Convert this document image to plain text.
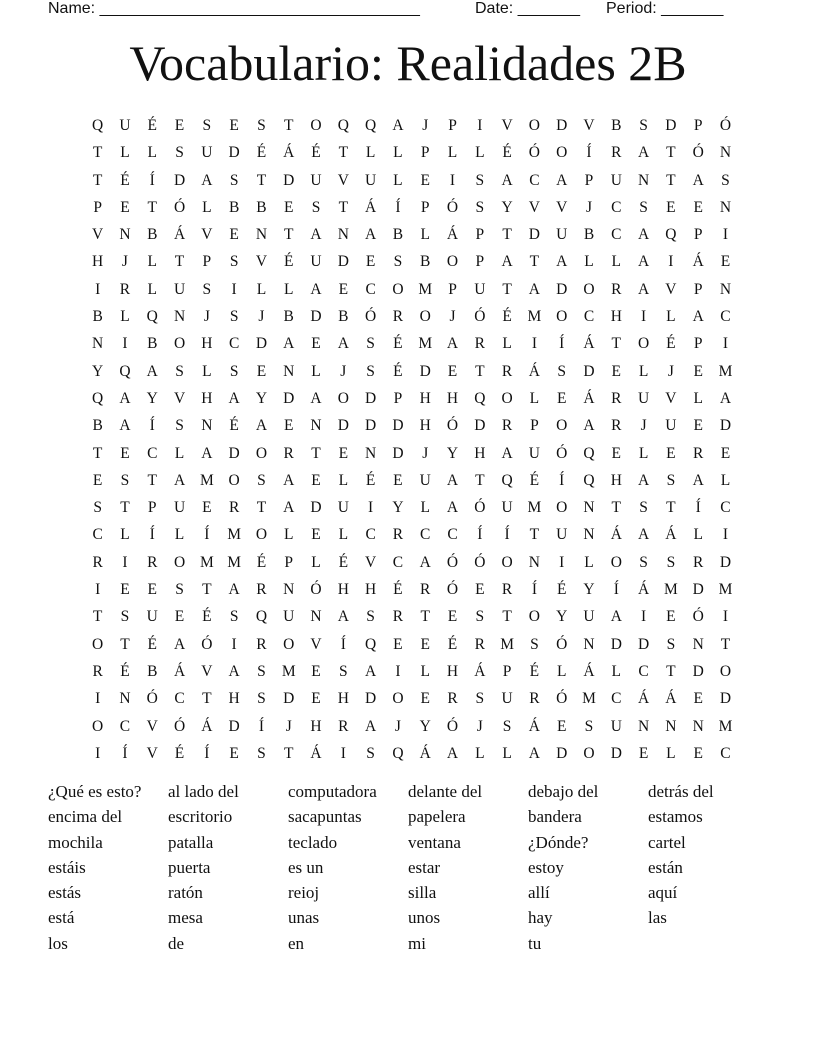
Name: ____________________________________	Date: _______ Period: _______
Vocabulario: Realidades 2B
Q	U	É	E	S	E	S	T	O	Q	Q	A	J	P	I	V	O	D	V	B	S	D	P	Ó
T	L	L	S	U	D	É	Á	É	T	L	L	P	L	L	É	Ó	O	Í	R	A	T	Ó	N
T	É	Í	D	A	S	T	D	U	V	U	L	E	I	S	A	C	A	P	U	N	T	A	S
P	E	T	Ó	L	B	B	E	S	T	Á	Í	P	Ó	S	Y	V	V	J	C	S	E	E	N
V	N	B	Á	V	E	N	T	A	N	A	B	L	Á	P	T	D	U	B	C	A	Q	P	I
H	J	L	T	P	S	V	É	U	D	E	S	B	O	P	A	T	A	L	L	A	I	Á	E
I	R	L	U	S	I	L	L	A	E	C	O M	P	U	T	A	D	O	R	A	V	P	N
B	L	Q	N	J	S	J	B	D	B	Ó	R	O	J	Ó	É	M O	C	H	I	L	A	C
N	I	B	O	H	C	D	A	E	A	S	É	M A	R	L	I	Í	Á	T	O	É	P	I
Y	Q	A	S	L	S	E	N	L	J	S	É	D	E	T	R	Á	S	D	E	L	J	E	M
Q	A	Y	V	H	A	Y	D	A	O	D	P	H	H	Q	O	L	E	Á	R	U	V	L	A
B	A	Í	S	N	É	A	E	N	D	D	D	H	Ó	D	R	P	O	A	R	J	U	E	D
T	E	C	L	A	D	O	R	T	E	N	D	J	Y	H	A	U	Ó	Q	E	L	E	R	E
E	S	T	A M O	S	A	E	L	É	E	U	A	T	Q	É	Í	Q	H	A	S	A	L
S	T	P	U	E	R	T	A	D	U	I	Y	L	A	Ó	U M O	N	T	S	T	Í	C
C	L	Í	L	Í	M O	L	E	L	C	R	C	C	Í	Í	T	U	N	Á	A	Á	L	I
R	I	R	O M M	É	P	L	É	V	C	A	Ó	Ó	O	N	I	L	O	S	S	R	D
I	E	E	S	T	A	R	N	Ó	H	H	É	R	Ó	E	R	Í	É	Y	Í	Á M D M
T	S	U	E	É	S	Q	U	N	A	S	R	T	E	S	T	O	Y	U	A	I	E	Ó	I
O	T	É	A	Ó	I	R	O	V	Í	Q	E	E	É	R M	S	Ó	N	D	D	S	N	T
R	É	B	Á	V	A	S	M	E	S	A	I	L	H	Á	P	É	L	Á	L	C	T	D	O
I	N	Ó	C	T	H	S	D	E	H	D	O	E	R	S	U	R	Ó M C	Á	Á	E	D
O	C	V	Ó	Á	D	Í	J	H	R	A	J	Y	Ó	J	S	Á	E	S	U	N	N	N M
I	Í	V	É	Í	E	S	T	Á	I	S	Q	Á	A	L	L	A	D	O	D	E	L	E	C
¿Qué es esto?	al lado del	computadora	delante del	debajo del	detrás del
encima del	escritorio	sacapuntas	papelera	bandera	estamos
mochila	patalla	teclado	ventana	¿Dónde?	cartel
estáis	puerta	es un	estar	estoy	están
estás	ratón	reioj	silla	allí	aquí
está	mesa	unas	unos	hay	las
los	de	en	mi	tu
